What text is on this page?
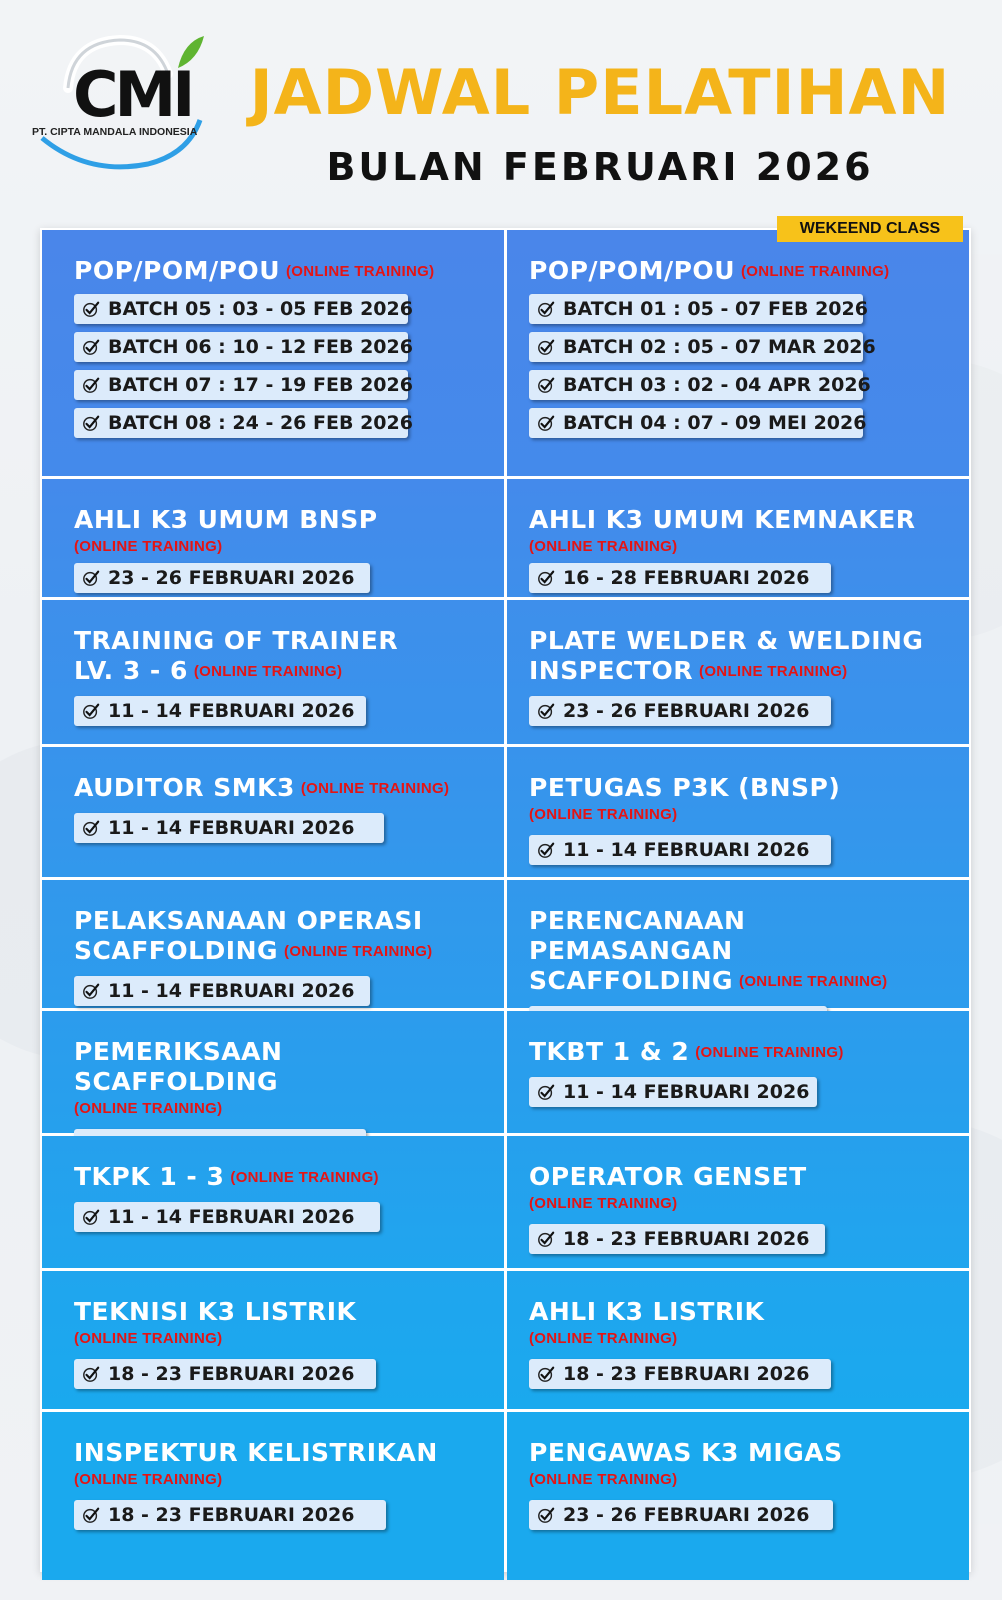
CMI
PT. CIPTA MANDALA INDONESIA
JADWAL PELATIHAN
BULAN FEBRUARI 2026
WEKEEND CLASS
POP/POM/POU (ONLINE TRAINING)
BATCH 05 : 03 - 05 FEB 2026
BATCH 06 : 10 - 12 FEB 2026
BATCH 07 : 17 - 19 FEB 2026
BATCH 08 : 24 - 26 FEB 2026
POP/POM/POU (ONLINE TRAINING)
BATCH 01 : 05 - 07 FEB 2026
BATCH 02 : 05 - 07 MAR 2026
BATCH 03 : 02 - 04 APR 2026
BATCH 04 : 07 - 09 MEI 2026
AHLI K3 UMUM BNSP
(ONLINE TRAINING)
23 - 26 FEBRUARI 2026
AHLI K3 UMUM KEMNAKER
(ONLINE TRAINING)
16 - 28 FEBRUARI 2026
TRAINING OF TRAINER
LV. 3 - 6 (ONLINE TRAINING)
11 - 14 FEBRUARI 2026
PLATE WELDER & WELDING
INSPECTOR (ONLINE TRAINING)
23 - 26 FEBRUARI 2026
AUDITOR SMK3 (ONLINE TRAINING)
11 - 14 FEBRUARI 2026
PETUGAS P3K (BNSP)
(ONLINE TRAINING)
11 - 14 FEBRUARI 2026
PELAKSANAAN OPERASI
SCAFFOLDING (ONLINE TRAINING)
11 - 14 FEBRUARI 2026
PERENCANAAN PEMASANGAN
SCAFFOLDING (ONLINE TRAINING)
PEMERIKSAAN SCAFFOLDING
(ONLINE TRAINING)
TKBT 1 & 2 (ONLINE TRAINING)
11 - 14 FEBRUARI 2026
TKPK 1 - 3 (ONLINE TRAINING)
11 - 14 FEBRUARI 2026
OPERATOR GENSET
(ONLINE TRAINING)
18 - 23 FEBRUARI 2026
TEKNISI K3 LISTRIK
(ONLINE TRAINING)
18 - 23 FEBRUARI 2026
AHLI K3 LISTRIK
(ONLINE TRAINING)
18 - 23 FEBRUARI 2026
INSPEKTUR KELISTRIKAN
(ONLINE TRAINING)
18 - 23 FEBRUARI 2026
PENGAWAS K3 MIGAS
(ONLINE TRAINING)
23 - 26 FEBRUARI 2026
